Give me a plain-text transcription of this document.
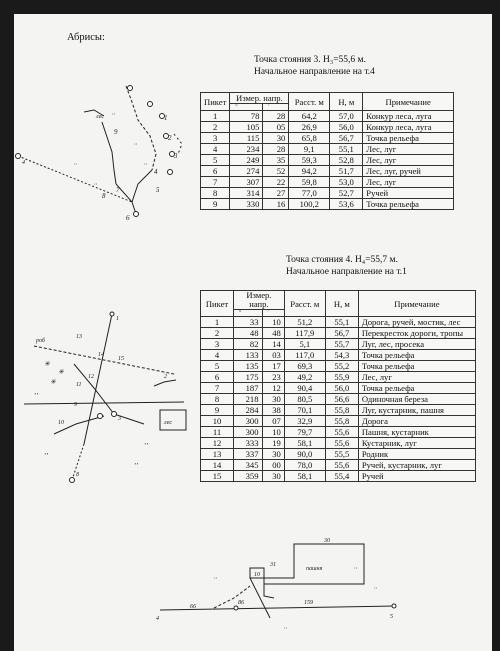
Абрисы:
Точка стояния 3. H₃=55,6 м.
Начальное направление на т.4
лес
4
1
2
3
4
5
6
7
8
9
‚‚
‚‚
‚‚
‚‚	‚‚
Пикет	Измер. напр.		Расст. м	H, м	Примечание

	°	'			

1	78	28	64,2	57,0	Конкур леса, луга
2	105	05	26,9	56,0	Конкур леса, луга
3	115	30	65,8	56,7	Точка рельефа
4	234	28	9,1	55,1	Лес, луг
5	249	35	59,3	52,8	Лес, луг
6	274	52	94,2	51,7	Лес, луг, ручей
7	307	22	59,8	53,0	Лес, луг
8	314	27	77,0	52,7	Ручей
9	330	16	100,2	53,6	Точка рельефа
Точка стояния 4. H₄=55,7 м.
Начальное направление на т.1
роб
13
14
15
12
11
9
10
8
1
2
3
лес
✳
✳
✳
‚‚
‚‚
‚‚
‚‚
Пикет	Измер. напр.		Расст. м	H, м	Примечание

	°	'			

1	33	10	51,2	55,1	Дорога, ручей, мостик, лес
2	48	48	117,9	56,7	Перекресток дороги, тропы
3	82	14	5,1	55,7	Луг, лес, просека
4	133	03	117,0	54,3	Точка рельефа
5	135	17	69,3	55,2	Точка рельефа
6	175	23	49,2	55,9	Лес, луг
7	187	12	90,4	56,0	Точка рельефа
8	218	30	80,5	56,6	Одиночная береза
9	284	38	70,1	55,8	Луг, кустарник, пашня
10	300	07	32,9	55,8	Дорога
11	300	10	79,7	55,6	Пашня, кустарник
12	333	19	58,1	55,6	Кустарник, луг
13	337	30	90,0	55,5	Родник
14	345	00	78,0	55,6	Ручей, кустарник, луг
15	359	30	58,1	55,4	Ручей
30
31
10
пашня
66
86	159
4	5
‚‚
‚‚
‚‚
‚‚
